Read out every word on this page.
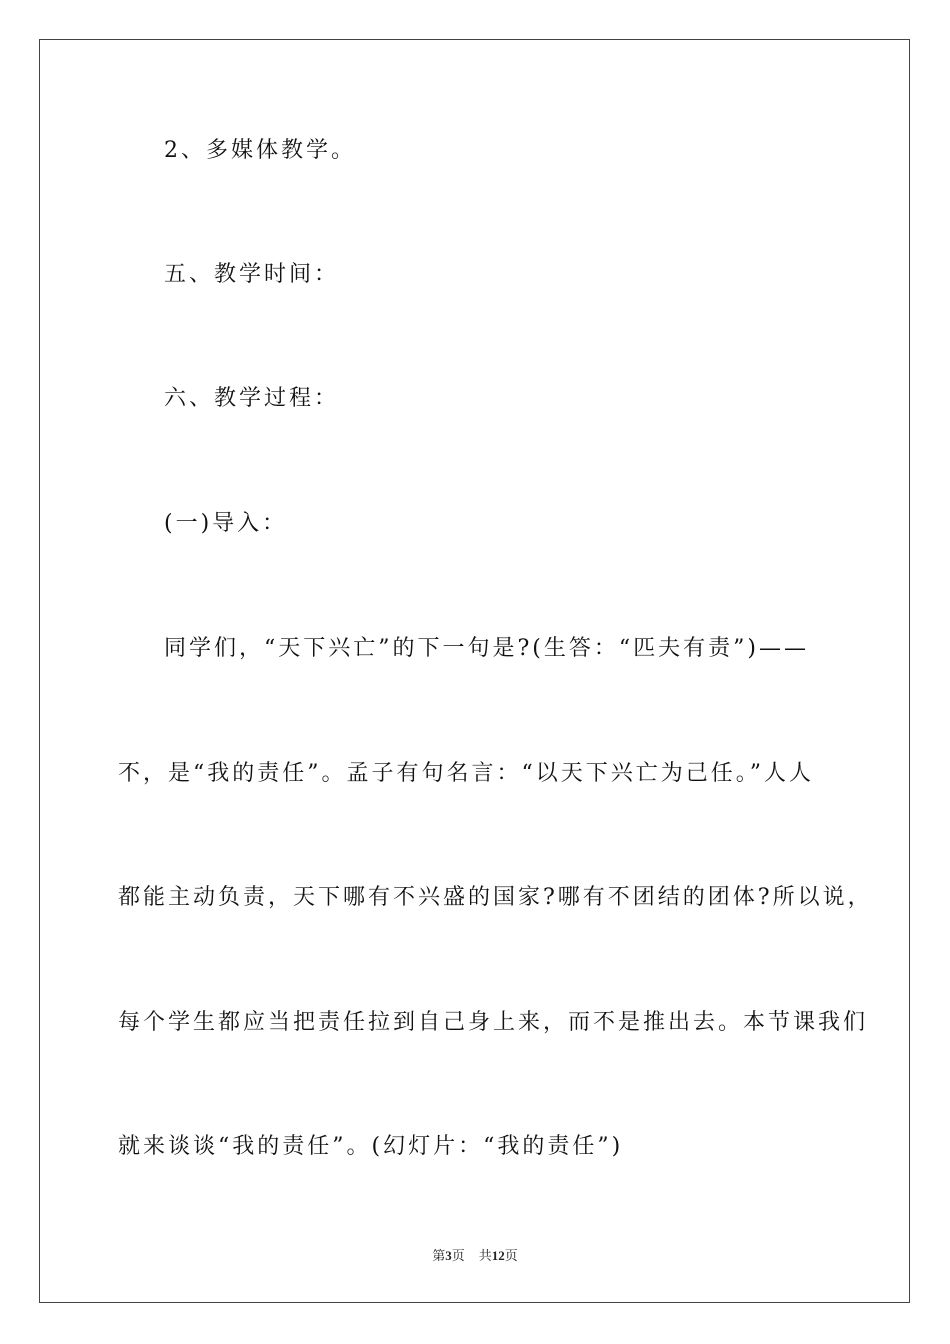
2、多媒体教学。
五、教学时间：
六、教学过程：
(一)导入：
同学们，“天下兴亡”的下一句是?(生答：“匹夫有责”)——
不，是“我的责任”。孟子有句名言：“以天下兴亡为己任。”人人
都能主动负责，天下哪有不兴盛的国家?哪有不团结的团体?所以说，
每个学生都应当把责任拉到自己身上来，而不是推出去。本节课我们
就来谈谈“我的责任”。(幻灯片：“我的责任”)
第3页 共12页
